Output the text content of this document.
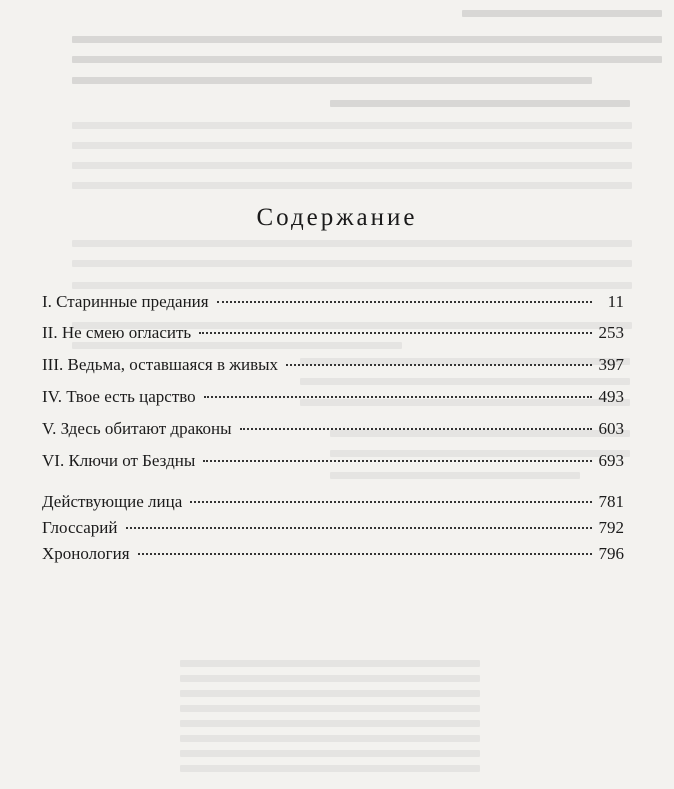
Содержание
I. Старинные предания	11
II. Не смею огласить	253
III. Ведьма, оставшаяся в живых	397
IV. Твое есть царство	493
V. Здесь обитают драконы	603
VI. Ключи от Бездны	693
Действующие лица	781
Глоссарий	792
Хронология	796
